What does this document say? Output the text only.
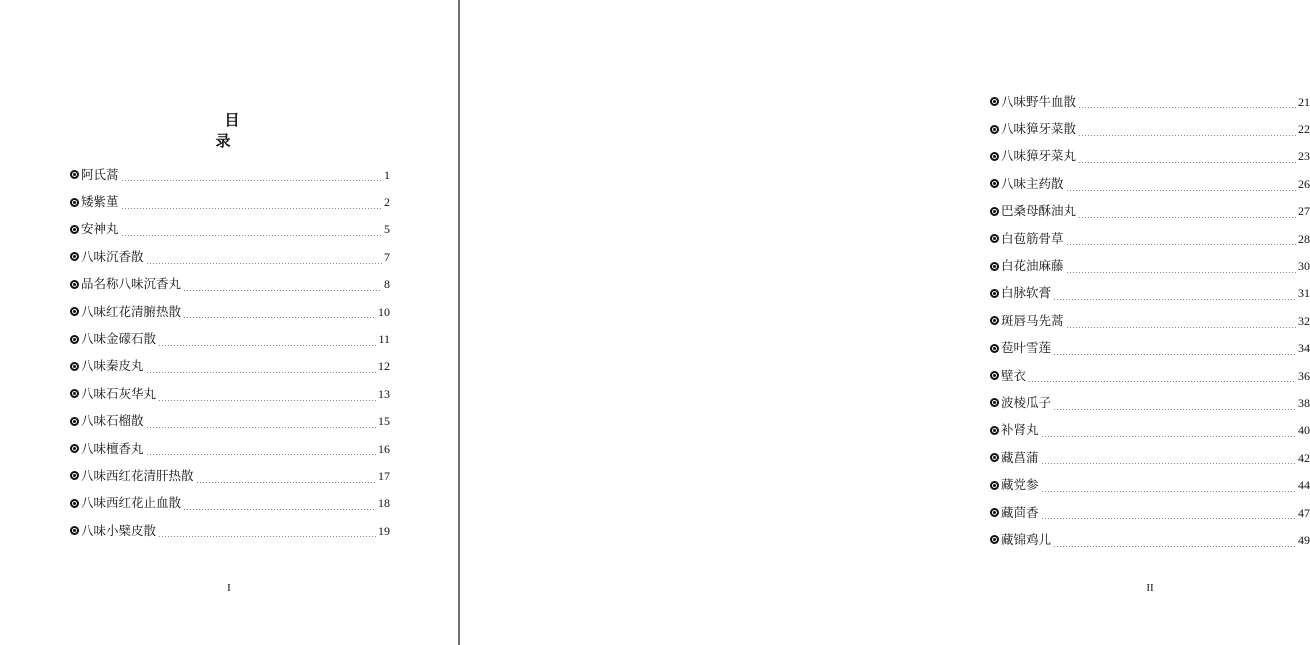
目录
阿氏蒿	1
矮紫堇	2
安神丸	5
八味沉香散	7
品名称八味沉香丸	8
八味红花清腑热散	10
八味金礞石散	11
八味秦皮丸	12
八味石灰华丸	13
八味石榴散	15
八味檀香丸	16
八味西红花清肝热散	17
八味西红花止血散	18
八味小檗皮散	19
I
八味野牛血散	21
八味獐牙菜散	22
八味獐牙菜丸	23
八味主药散	26
巴桑母酥油丸	27
白苞筋骨草	28
白花油麻藤	30
白脉软膏	31
斑唇马先蒿	32
苞叶雪莲	34
壁衣	36
波棱瓜子	38
补肾丸	40
藏菖蒲	42
藏党参	44
藏茴香	47
藏锦鸡儿	49
II
